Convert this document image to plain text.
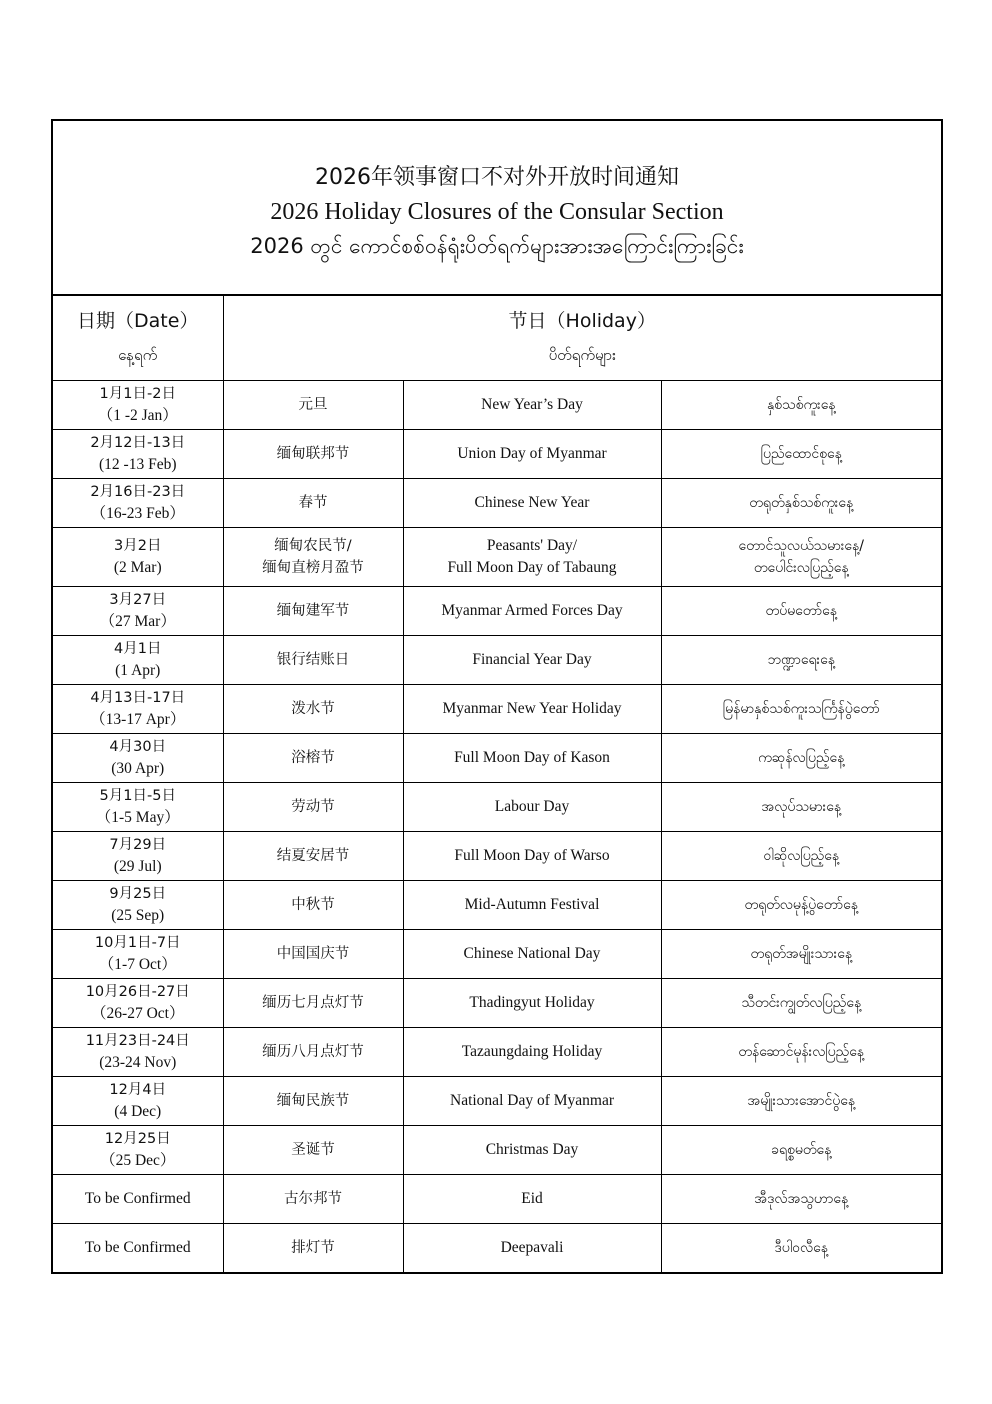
2026年领事窗口不对外开放时间通知
2026 Holiday Closures of the Consular Section
2026 တွင် ကောင်စစ်ဝန်ရုံးပိတ်ရက်များအားအကြောင်းကြားခြင်း
日期（Date）
နေ့ရက်	节日（Holiday）
ပိတ်ရက်များ		

1月1日-2日
（1 -2 Jan）	元旦	New Year’s Day	နှစ်သစ်ကူးနေ့

2月12日-13日
(12 -13 Feb)	缅甸联邦节	Union Day of Myanmar	ပြည်ထောင်စုနေ့

2月16日-23日
（16-23 Feb）	春节	Chinese New Year	တရုတ်နှစ်သစ်ကူးနေ့

3月2日
(2 Mar)	缅甸农民节/
缅甸直榜月盈节	Peasants' Day/
Full Moon Day of Tabaung	တောင်သူလယ်သမားနေ့/
တပေါင်းလပြည့်နေ့

3月27日
（27 Mar）	缅甸建军节	Myanmar Armed Forces Day	တပ်မတော်နေ့

4月1日
(1 Apr)	银行结账日	Financial Year Day	ဘဏ္ဍာရေးနေ့

4月13日-17日
（13-17 Apr）	泼水节	Myanmar New Year Holiday	မြန်မာနှစ်သစ်ကူးသင်္ကြန်ပွဲတော်

4月30日
(30 Apr)	浴榕节	Full Moon Day of Kason	ကဆုန်လပြည့်နေ့

5月1日-5日
（1-5 May）	劳动节	Labour Day	အလုပ်သမားနေ့

7月29日
(29 Jul)	结夏安居节	Full Moon Day of Warso	ဝါဆိုလပြည့်နေ့

9月25日
(25 Sep)	中秋节	Mid-Autumn Festival	တရုတ်လမုန့်ပွဲတော်နေ့

10月1日-7日
（1-7 Oct）	中国国庆节	Chinese National Day	တရုတ်အမျိုးသားနေ့

10月26日-27日
（26-27 Oct）	缅历七月点灯节	Thadingyut Holiday	သီတင်းကျွတ်လပြည့်နေ့

11月23日-24日
(23-24 Nov)	缅历八月点灯节	Tazaungdaing Holiday	တန်ဆောင်မုန်းလပြည့်နေ့

12月4日
(4 Dec)	缅甸民族节	National Day of Myanmar	အမျိုးသားအောင်ပွဲနေ့

12月25日
（25 Dec）	圣诞节	Christmas Day	ခရစ္စမတ်နေ့

To be Confirmed	古尔邦节	Eid	အီဒုလ်အသွဟာနေ့

To be Confirmed	排灯节	Deepavali	ဒီပါဝလီနေ့
